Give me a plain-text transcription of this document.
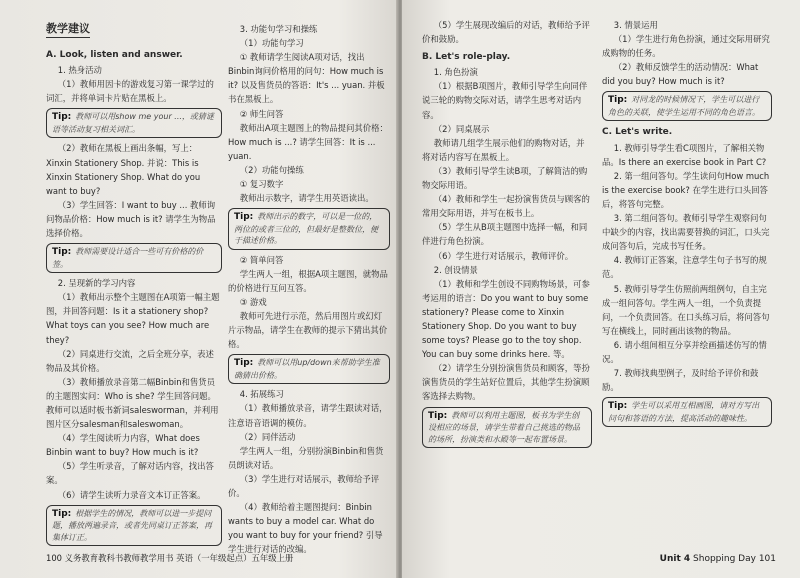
教学建议

A. Look, listen and answer.

1. 热身活动

（1）教师用因卡的游戏复习第一课学过的词汇，并将单词卡片贴在黑板上。

Tip: 教师可以用show me your ...，或猜谜语等活动复习相关词汇。

（2）教师在黑板上画出条幅，写上：Xinxin Stationery Shop. 并说：This is Xinxin Stationery Shop. What do you want to buy?

（3）学生回答：I want to buy ... 教师询问物品价格：How much is it? 请学生为物品选择价格。

Tip: 教师需要设计适合一些可有价格的价签。

2. 呈现新的学习内容

（1）教师出示整个主题图在A项第一幅主题图，并回答问题：Is it a stationery shop? What toys can you see? How much are they?

（2）同桌进行交流，之后全班分享，表述物品及其价格。

（3）教师播放录音第二幅Binbin和售货员的主题图实问：Who is she? 学生回答问题。教师可以适时板书新词salesworman，并利用图片区分salesman和saleswoman。

（4）学生阅读听力内容，What does Binbin want to buy? How much is it?

（5）学生听录音，了解对话内容，找出答案。

（6）请学生读听力录音文本订正答案。

Tip: 根据学生的情况，教师可以进一步提问题，播放两遍录音，或者先同桌订正答案，再集体订正。

3. 功能句学习和操练

（1）功能句学习

① 教师请学生阅读A项对话，找出Binbin询问价格用的问句：How much is it? 以及售货员的答语：It's ... yuan. 并板书在黑板上。

② 师生问答

教师出A项主题图上的物品提问其价格：How much is ...? 请学生回答：It is ... yuan.

（2）功能句操练

① 复习数字

教师出示数字，请学生用英语读出。

Tip: 教师出示的数字，可以是一位的，两位的或者三位的，但最好是整数位，便于描述价格。

② 简单问答

学生两人一组，根据A项主题图，就物品的价格进行互问互答。

③ 游戏

教师可先进行示范，然后用图片或幻灯片示物品，请学生在教师的提示下猜出其价格。

Tip: 教师可以用up/down来帮助学生准确猜出价格。

4. 拓展练习

（1）教师播放录音，请学生跟读对话，注意语音语调的模仿。

（2）同伴活动

学生两人一组，分别扮演Binbin和售货员朗读对话。

（3）学生进行对话展示，教师给予评价。

（4）教师给着主题图提问：Binbin wants to buy a model car. What do you want to buy for your friend? 引导学生进行对话的改编。

100 义务教育教科书教师教学用书 英语（一年级起点）五年级上册

（5）学生展现改编后的对话，教师给予评价和鼓励。

B. Let's role-play.

1. 角色扮演

（1）根据B项图片，教师引导学生向同伴说三轮的购物交际对话，请学生思考对话内容。

（2）同桌展示

教师请几组学生展示他们的购物对话，并将对话内容写在黑板上。

（3）教师引导学生读B项，了解简洁的购物交际用语。

（4）教师和学生一起扮演售货员与顾客的常用交际用语，并写在板书上。

（5）学生从B项主题图中选择一幅，和同伴进行角色扮演。

（6）学生进行对话展示，教师评价。

2. 创设情景

（1）教师和学生创设不同购物场景，可参考运用的语言：Do you want to buy some stationery? Please come to Xinxin Stationery Shop. Do you want to buy some toys? Please go to the toy shop. You can buy some drinks here. 等。

（2）请学生分别扮演售货员和顾客，等扮演售货员的学生站好位置后，其他学生扮演顾客选择去购物。

Tip: 教师可以利用主题图，板书为学生创设相应的场景，请学生带着自己挑选的物品的场所，扮演类和水殿等一起布置场景。

3. 情景运用

（1）学生进行角色扮演，通过交际用研究成购物的任务。

（2）教师反馈学生的活动情况：What did you buy? How much is it?

Tip: 对同龙的时候情况下，学生可以进行角色的关联，使学生运用不同的角色语言。

C. Let's write.

1. 教师引导学生看C项图片，了解相关物品。Is there an exercise book in Part C?

2. 第一组问答句。学生读问句How much is the exercise book? 在学生进行口头回答后，将答句完整。

3. 第二组问答句。教师引导学生观察问句中缺少的内容，找出需要替换的词汇，口头完成问答句后，完成书写任务。

4. 教师订正答案，注意学生句子书写的规范。

5. 教师引导学生仿照前两组例句，自主完成一组问答句。学生两人一组，一个负责提问，一个负责回答。在口头练习后，将问答句写在横线上，同时画出该物的物品。

6. 请小组间相互分享并绘画描述仿写的情况。

7. 教师找典型例子，及时给予评价和鼓励。

Tip: 学生可以采用互相画图，请对方写出问句和答语的方法，提高活动的趣味性。
Unit 4 Shopping Day 101
